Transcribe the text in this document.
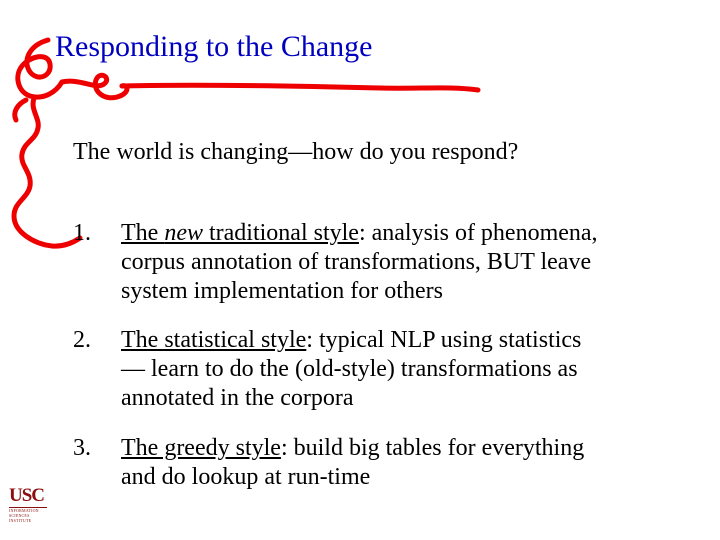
Responding to the Change
The world is changing—how do you respond?
1. The new traditional style: analysis of phenomena,
corpus annotation of transformations, BUT leave
system implementation for others
2. The statistical style: typical NLP using statistics
— learn to do the (old-style) transformations as
annotated in the corpora
3. The greedy style: build big tables for everything
and do lookup at run-time
USC
INFORMATION
SCIENCES
INSTITUTE
